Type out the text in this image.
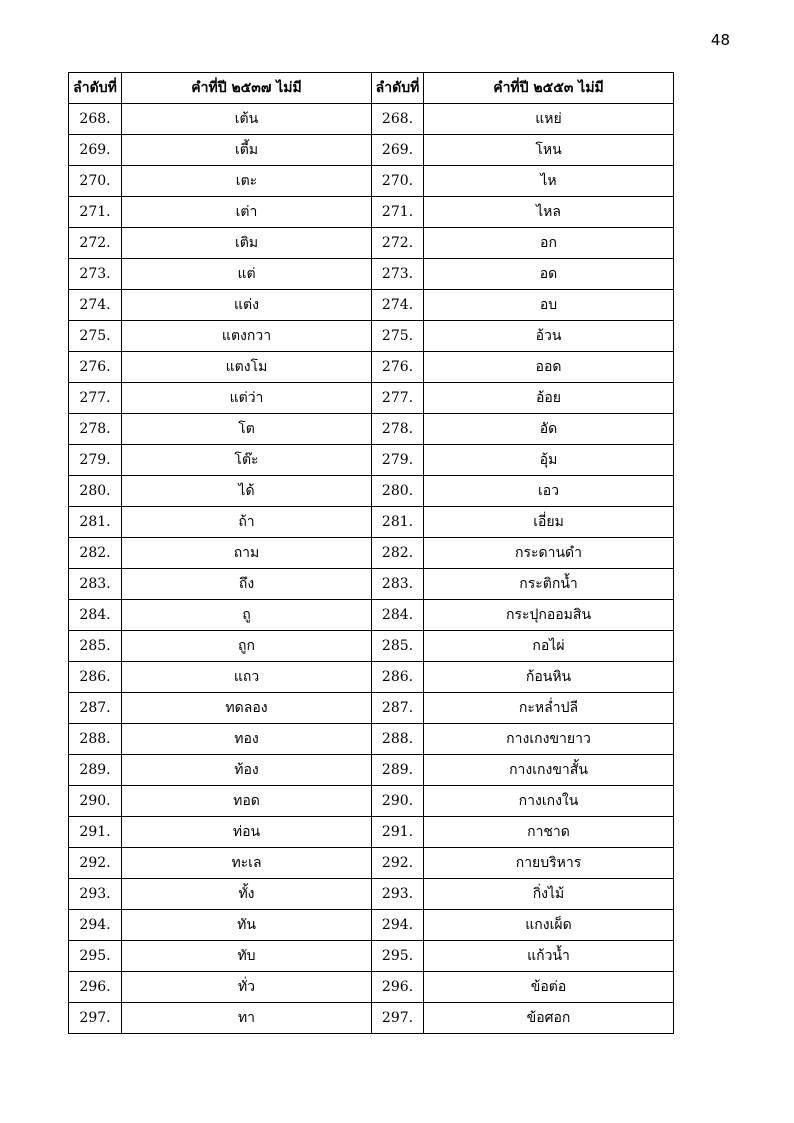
48
ลำดับที่	คำที่ปี ๒๕๓๗ ไม่มี	ลำดับที่	คำที่ปี ๒๕๕๓ ไม่มี
268.	เต้น	268.	แหย่
269.	เตี้ม	269.	โหน
270.	เตะ	270.	ไห
271.	เต่า	271.	ไหล
272.	เติม	272.	อก
273.	แต่	273.	อด
274.	แต่ง	274.	อบ
275.	แตงกวา	275.	อ้วน
276.	แตงโม	276.	ออด
277.	แต่ว่า	277.	อ้อย
278.	โต	278.	อัด
279.	โต๊ะ	279.	อุ้ม
280.	ได้	280.	เอว
281.	ถ้า	281.	เอี่ยม
282.	ถาม	282.	กระดานดำ
283.	ถึง	283.	กระติกน้ำ
284.	ถู	284.	กระปุกออมสิน
285.	ถูก	285.	กอไผ่
286.	แถว	286.	ก้อนหิน
287.	ทดลอง	287.	กะหล่ำปลี
288.	ทอง	288.	กางเกงขายาว
289.	ท้อง	289.	กางเกงขาสั้น
290.	ทอด	290.	กางเกงใน
291.	ท่อน	291.	กาชาด
292.	ทะเล	292.	กายบริหาร
293.	ทั้ง	293.	กิ่งไม้
294.	ทัน	294.	แกงเผ็ด
295.	ทับ	295.	แก้วน้ำ
296.	ทั่ว	296.	ข้อต่อ
297.	ทา	297.	ข้อศอก
